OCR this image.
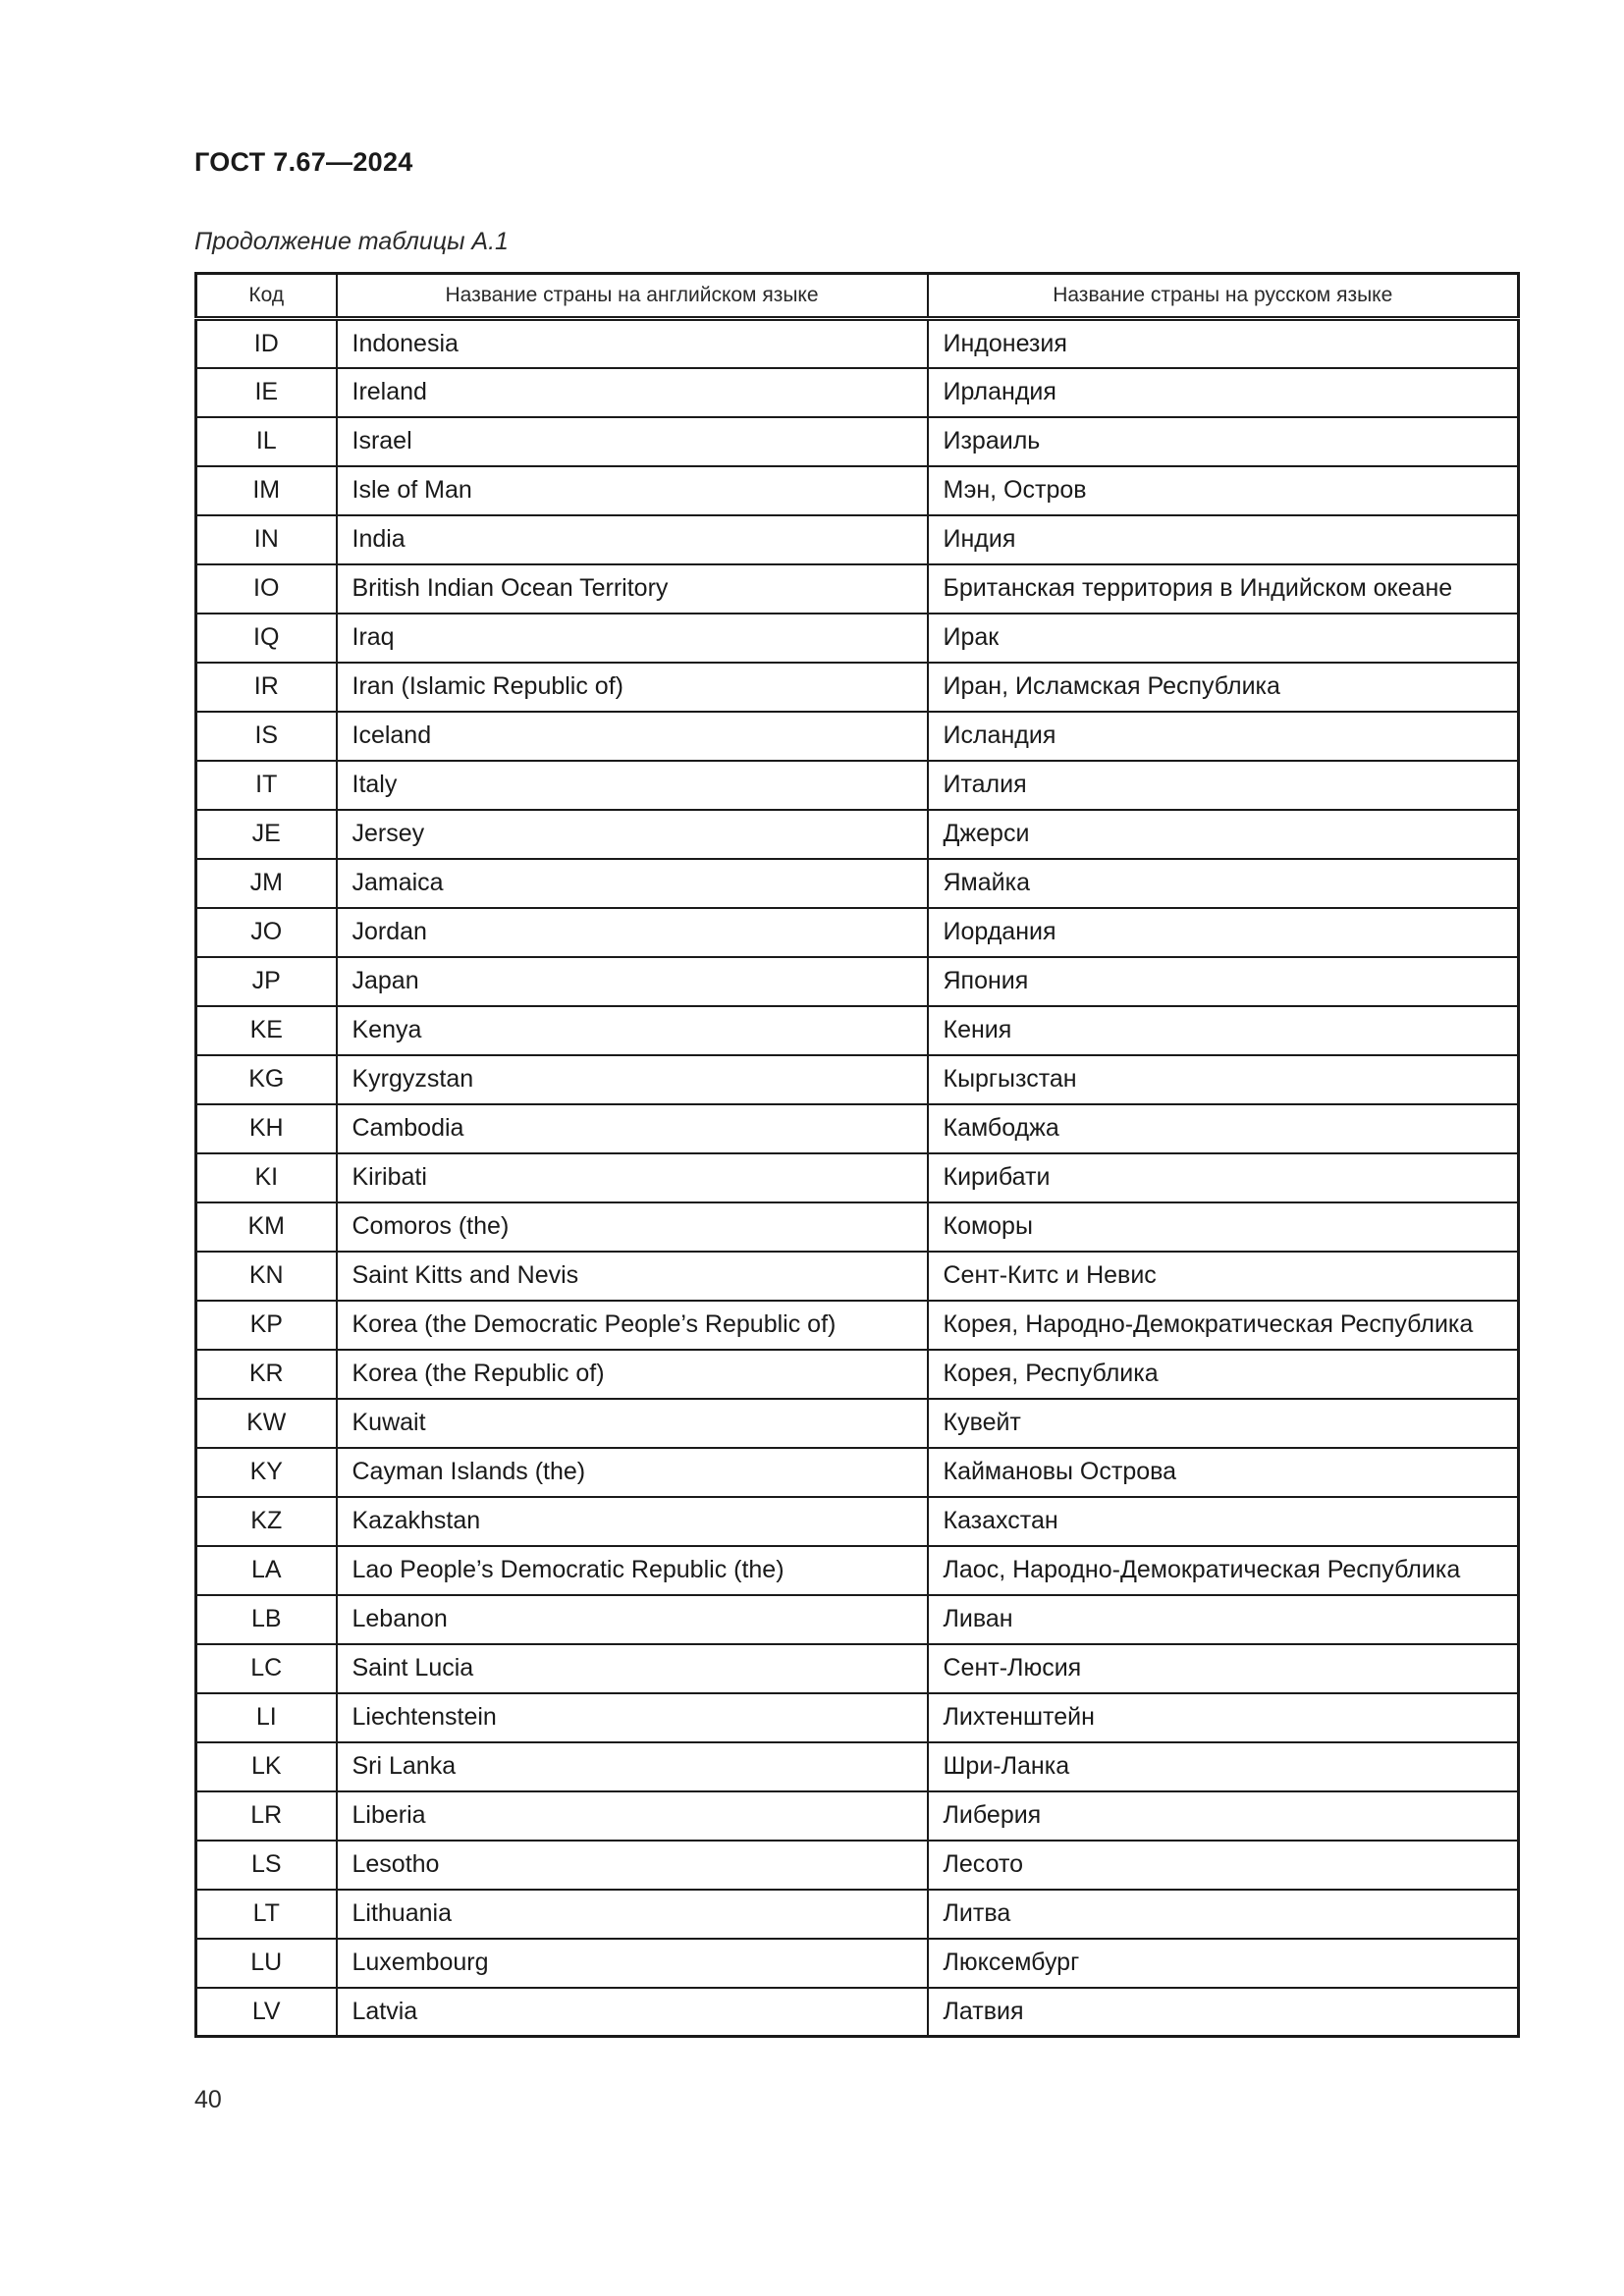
ГОСТ 7.67—2024
Продолжение таблицы А.1
Код	Название страны на английском языке	Название страны на русском языке
ID	Indonesia	Индонезия
IE	Ireland	Ирландия
IL	Israel	Израиль
IM	Isle of Man	Мэн, Остров
IN	India	Индия
IO	British Indian Ocean Territory	Британская территория в Индийском океане
IQ	Iraq	Ирак
IR	Iran (Islamic Republic of)	Иран, Исламская Республика
IS	Iceland	Исландия
IT	Italy	Италия
JE	Jersey	Джерси
JM	Jamaica	Ямайка
JO	Jordan	Иордания
JP	Japan	Япония
KE	Kenya	Кения
KG	Kyrgyzstan	Кыргызстан
KH	Cambodia	Камбоджа
KI	Kiribati	Кирибати
KM	Comoros (the)	Коморы
KN	Saint Kitts and Nevis	Сент-Китс и Невис
KP	Korea (the Democratic People’s Republic of)	Корея, Народно-Демократическая Республика
KR	Korea (the Republic of)	Корея, Республика
KW	Kuwait	Кувейт
KY	Cayman Islands (the)	Каймановы Острова
KZ	Kazakhstan	Казахстан
LA	Lao People’s Democratic Republic (the)	Лаос, Народно-Демократическая Республика
LB	Lebanon	Ливан
LC	Saint Lucia	Сент-Люсия
LI	Liechtenstein	Лихтенштейн
LK	Sri Lanka	Шри-Ланка
LR	Liberia	Либерия
LS	Lesotho	Лесото
LT	Lithuania	Литва
LU	Luxembourg	Люксембург
LV	Latvia	Латвия
40
